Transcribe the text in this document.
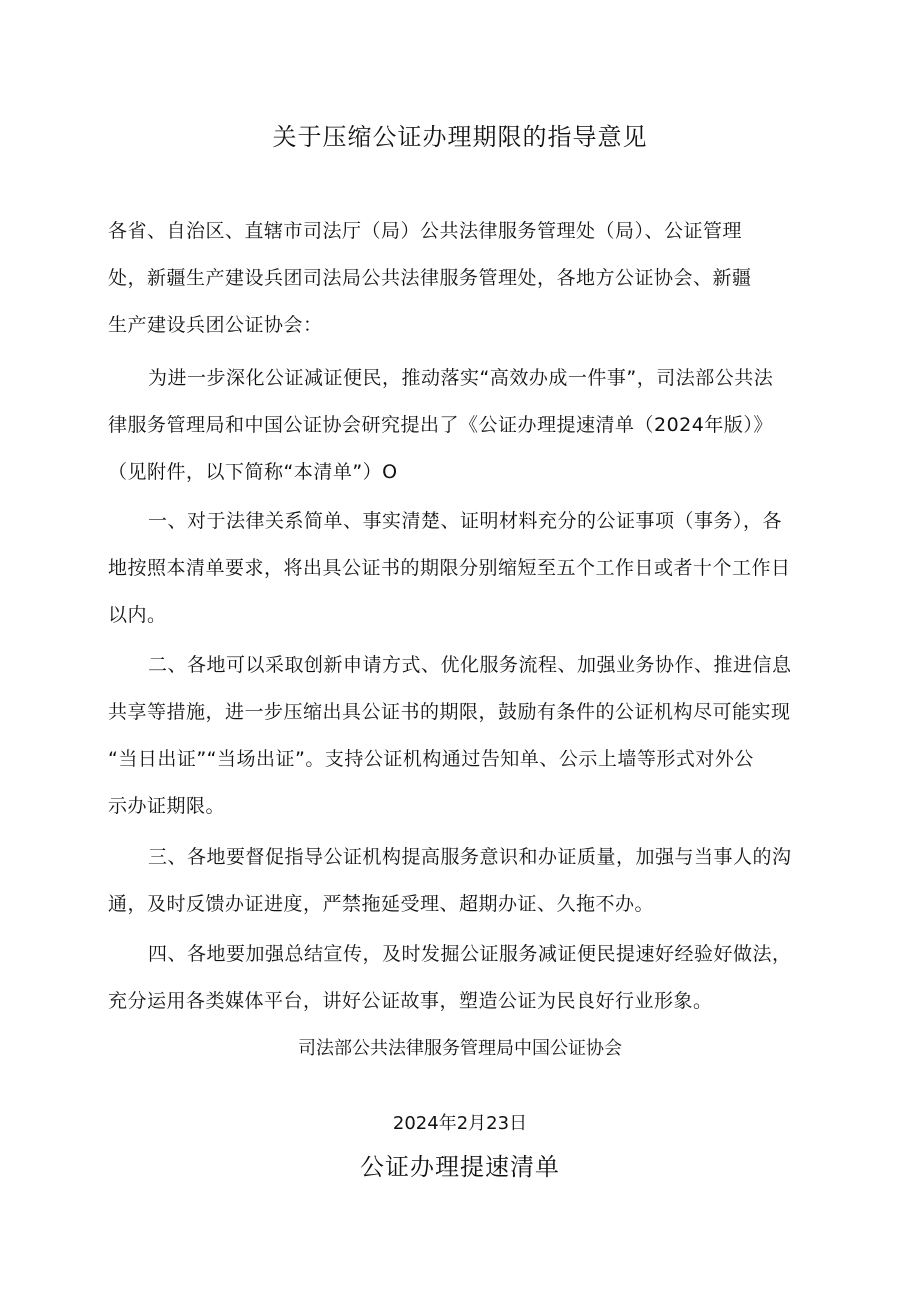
关于压缩公证办理期限的指导意见
各省、自治区、直辖市司法厅（局）公共法律服务管理处（局）、公证管理
处，新疆生产建设兵团司法局公共法律服务管理处，各地方公证协会、新疆
生产建设兵团公证协会：
为进一步深化公证减证便民，推动落实“高效办成一件事”，司法部公共法
律服务管理局和中国公证协会研究提出了《公证办理提速清单（2024年版）》
（见附件，以下简称“本清单”）O
一、对于法律关系简单、事实清楚、证明材料充分的公证事项（事务），各
地按照本清单要求，将出具公证书的期限分别缩短至五个工作日或者十个工作日
以内。
二、各地可以采取创新申请方式、优化服务流程、加强业务协作、推进信息
共享等措施，进一步压缩出具公证书的期限，鼓励有条件的公证机构尽可能实现
“当日出证”“当场出证”。支持公证机构通过告知单、公示上墙等形式对外公
示办证期限。
三、各地要督促指导公证机构提高服务意识和办证质量，加强与当事人的沟
通，及时反馈办证进度，严禁拖延受理、超期办证、久拖不办。
四、各地要加强总结宣传，及时发掘公证服务减证便民提速好经验好做法，
充分运用各类媒体平台，讲好公证故事，塑造公证为民良好行业形象。
司法部公共法律服务管理局中国公证协会
2024年2月23日
公证办理提速清单
